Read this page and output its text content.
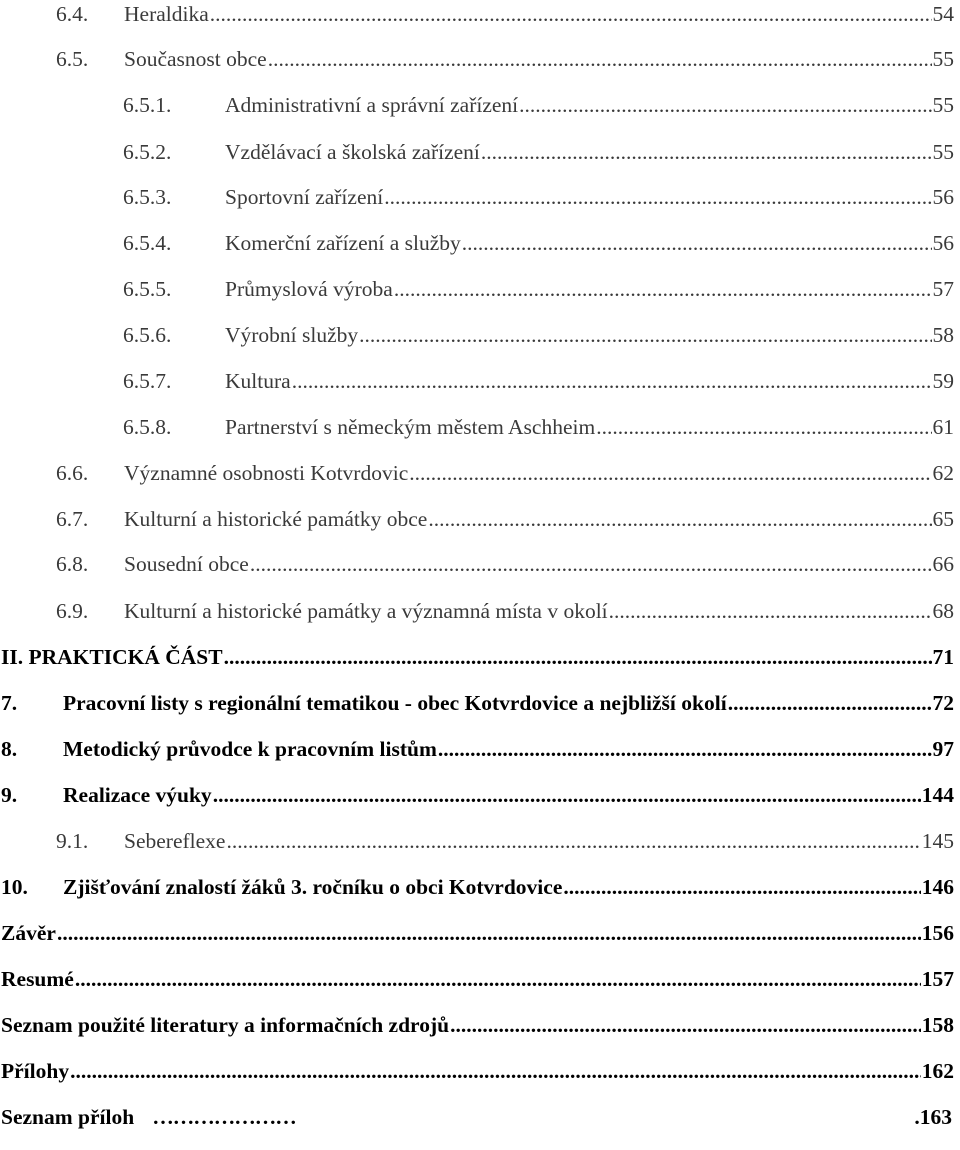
6.4.	Heraldika .....	54
6.5.	Současnost obce .....	55
6.5.1.	Administrativní a správní zařízení .....	55
6.5.2.	Vzdělávací a školská zařízení .....	55
6.5.3.	Sportovní zařízení .....	56
6.5.4.	Komerční zařízení a služby .....	56
6.5.5.	Průmyslová výroba .....	57
6.5.6.	Výrobní služby .....	58
6.5.7.	Kultura .....	59
6.5.8.	Partnerství s německým městem Aschheim .....	61
6.6.	Významné osobnosti Kotvrdovic .....	62
6.7.	Kulturní a historické památky obce .....	65
6.8.	Sousední obce .....	66
6.9.	Kulturní a historické památky a významná místa v okolí .....	68
II. PRAKTICKÁ ČÁST .....	71
7.	Pracovní listy s regionální tematikou - obec Kotvrdovice a nejbližší okolí .....	72
8.	Metodický průvodce k pracovním listům .....	97
9.	Realizace výuky .....	144
9.1.	Sebereflexe .....	145
10.	Zjišťování znalostí žáků 3. ročníku o obci Kotvrdovice .....	146
Závěr .....	156
Resumé .....	157
Seznam použité literatury a informačních zdrojů .....	158
Přílohy .....	162
Seznam příloh …………………	.163
